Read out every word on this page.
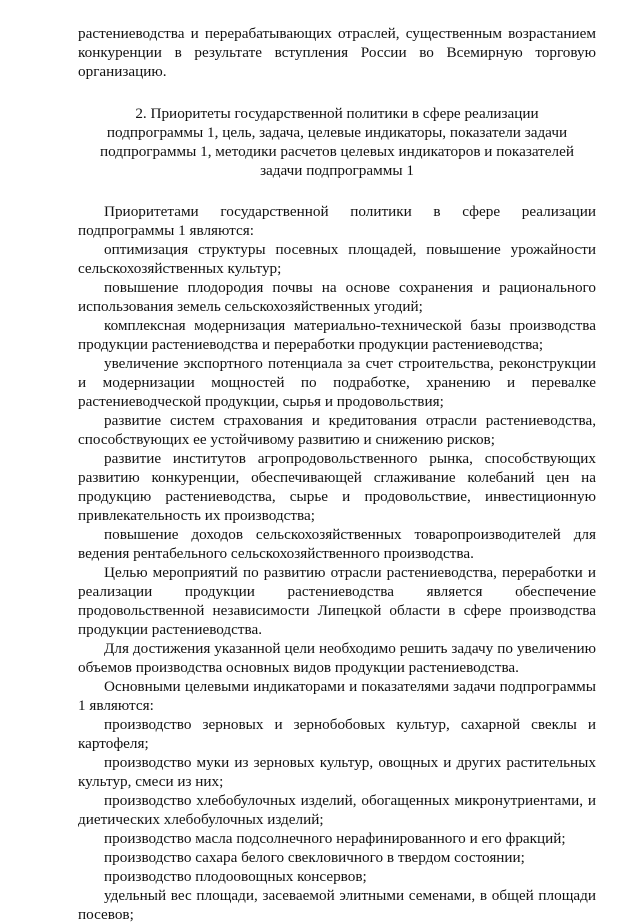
растениеводства и перерабатывающих отраслей, существенным возрастанием конкуренции в результате вступления России во Всемирную торговую организацию.

2. Приоритеты государственной политики в сфере реализации
подпрограммы 1, цель, задача, целевые индикаторы, показатели задачи
подпрограммы 1, методики расчетов целевых индикаторов и показателей
задачи подпрограммы 1

Приоритетами государственной политики в сфере реализации подпрограммы 1 являются:

оптимизация структуры посевных площадей, повышение урожайности сельскохозяйственных культур;

повышение плодородия почвы на основе сохранения и рационального использования земель сельскохозяйственных угодий;

комплексная модернизация материально-технической базы производства продукции растениеводства и переработки продукции растениеводства;

увеличение экспортного потенциала за счет строительства, реконструкции и модернизации мощностей по подработке, хранению и перевалке растениеводческой продукции, сырья и продовольствия;

развитие систем страхования и кредитования отрасли растениеводства, способствующих ее устойчивому развитию и снижению рисков;

развитие институтов агропродовольственного рынка, способствующих развитию конкуренции, обеспечивающей сглаживание колебаний цен на продукцию растениеводства, сырье и продовольствие, инвестиционную привлекательность их производства;

повышение доходов сельскохозяйственных товаропроизводителей для ведения рентабельного сельскохозяйственного производства.

Целью мероприятий по развитию отрасли растениеводства, переработки и реализации продукции растениеводства является обеспечение продовольственной независимости Липецкой области в сфере производства продукции растениеводства.

Для достижения указанной цели необходимо решить задачу по увеличению объемов производства основных видов продукции растениеводства.

Основными целевыми индикаторами и показателями задачи подпрограммы 1 являются:

производство зерновых и зернобобовых культур, сахарной свеклы и картофеля;

производство муки из зерновых культур, овощных и других растительных культур, смеси из них;

производство хлебобулочных изделий, обогащенных микронутриентами, и диетических хлебобулочных изделий;

производство масла подсолнечного нерафинированного и его фракций;

производство сахара белого свекловичного в твердом состоянии;

производство плодоовощных консервов;

удельный вес площади, засеваемой элитными семенами, в общей площади посевов;
